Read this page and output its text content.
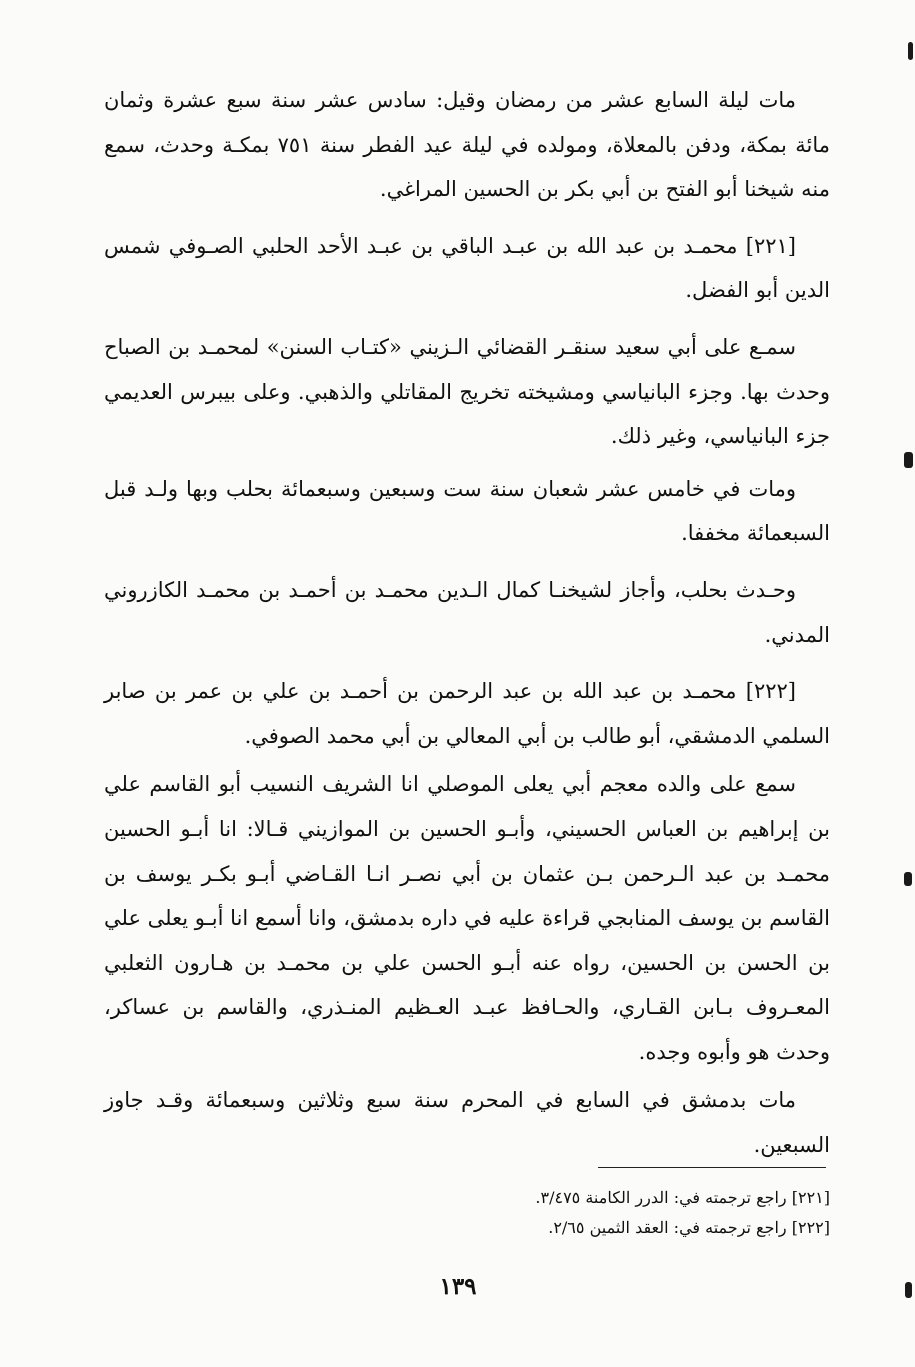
مات ليلة السابع عشر من رمضان وقيل: سادس عشر سنة سبع عشرة وثمان مائة بمكة، ودفن بالمعلاة، ومولده في ليلة عيد الفطر سنة ٧٥١ بمكـة وحدث، سمع منه شيخنا أبو الفتح بن أبي بكر بن الحسين المراغي.

[٢٢١] محمـد بن عبد الله بن عبـد الباقي بن عبـد الأحد الحلبي الصـوفي شمس الدين أبو الفضل.

سمـع على أبي سعيد سنقـر القضائي الـزيني «كتـاب السنن» لمحمـد بن الصباح وحدث بها. وجزء البانياسي ومشيخته تخريج المقاتلي والذهبي. وعلى بيبرس العديمي جزء البانياسي، وغير ذلك.

ومات في خامس عشر شعبان سنة ست وسبعين وسبعمائة بحلب وبها ولـد قبل السبعمائة مخففا.

وحـدث بحلب، وأجاز لشيخنـا كمال الـدين محمـد بن أحمـد بن محمـد الكازروني المدني.

[٢٢٢] محمـد بن عبد الله بن عبد الرحمن بن أحمـد بن علي بن عمر بن صابر السلمي الدمشقي، أبو طالب بن أبي المعالي بن أبي محمد الصوفي.

سمع على والده معجم أبي يعلى الموصلي انا الشريف النسيب أبو القاسم علي بن إبراهيم بن العباس الحسيني، وأبـو الحسين بن الموازيني قـالا: انا أبـو الحسين محمـد بن عبد الـرحمن بـن عثمان بن أبي نصـر انـا القـاضي أبـو بكـر يوسف بن القاسم بن يوسف المنابجي قراءة عليه في داره بدمشق، وانا أسمع انا أبـو يعلى علي بن الحسن بن الحسين، رواه عنه أبـو الحسن علي بن محمـد بن هـارون الثعلبي المعـروف بـابن القـاري، والحـافظ عبـد العـظيم المنـذري، والقاسم بن عساكر، وحدث هو وأبوه وجده.

مات بدمشق في السابع في المحرم سنة سبع وثلاثين وسبعمائة وقـد جاوز السبعين.

[٢٢١] راجع ترجمته في: الدرر الكامنة ٣/٤٧٥.

[٢٢٢] راجع ترجمته في: العقد الثمين ٢/٦٥.

١٣٩
